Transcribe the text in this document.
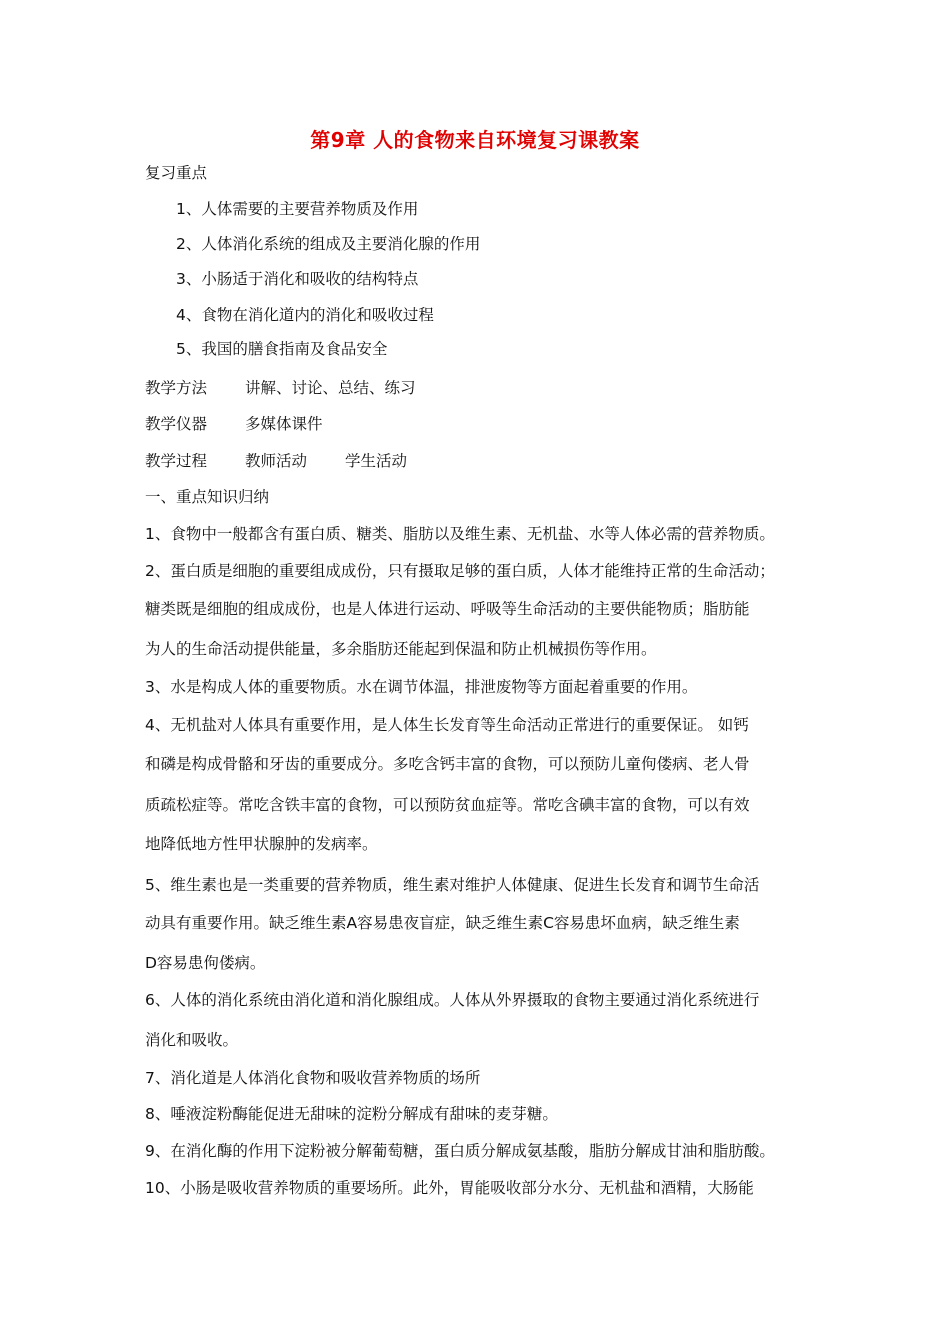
第9章 人的食物来自环境复习课教案
复习重点
1、人体需要的主要营养物质及作用
2、人体消化系统的组成及主要消化腺的作用
3、小肠适于消化和吸收的结构特点
4、食物在消化道内的消化和吸收过程
5、我国的膳食指南及食品安全
教学方法 讲解、讨论、总结、练习
教学仪器 多媒体课件
教学过程 教师活动 学生活动
一、重点知识归纳
1、食物中一般都含有蛋白质、糖类、脂肪以及维生素、无机盐、水等人体必需的营养物质。
2、蛋白质是细胞的重要组成成份，只有摄取足够的蛋白质，人体才能维持正常的生命活动；
糖类既是细胞的组成成份，也是人体进行运动、呼吸等生命活动的主要供能物质；脂肪能
为人的生命活动提供能量，多余脂肪还能起到保温和防止机械损伤等作用。
3、水是构成人体的重要物质。水在调节体温，排泄废物等方面起着重要的作用。
4、无机盐对人体具有重要作用，是人体生长发育等生命活动正常进行的重要保证。 如钙
和磷是构成骨骼和牙齿的重要成分。多吃含钙丰富的食物，可以预防儿童佝偻病、老人骨
质疏松症等。常吃含铁丰富的食物，可以预防贫血症等。常吃含碘丰富的食物，可以有效
地降低地方性甲状腺肿的发病率。
5、维生素也是一类重要的营养物质，维生素对维护人体健康、促进生长发育和调节生命活
动具有重要作用。缺乏维生素A容易患夜盲症，缺乏维生素C容易患坏血病，缺乏维生素
D容易患佝偻病。
6、人体的消化系统由消化道和消化腺组成。人体从外界摄取的食物主要通过消化系统进行
消化和吸收。
7、消化道是人体消化食物和吸收营养物质的场所
8、唾液淀粉酶能促进无甜味的淀粉分解成有甜味的麦芽糖。
9、在消化酶的作用下淀粉被分解葡萄糖，蛋白质分解成氨基酸，脂肪分解成甘油和脂肪酸。
10、小肠是吸收营养物质的重要场所。此外，胃能吸收部分水分、无机盐和酒精，大肠能
